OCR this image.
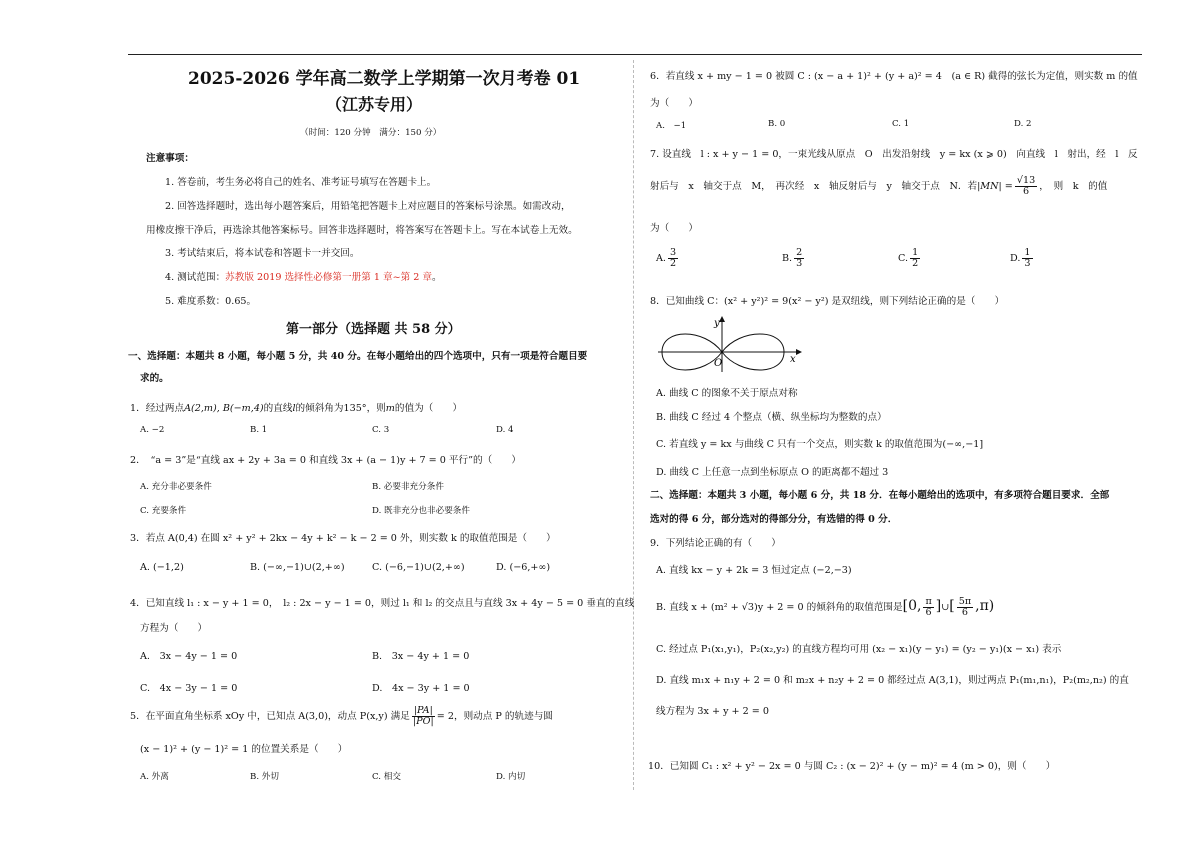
2025-2026 学年高二数学上学期第一次月考卷 01
（江苏专用）
（时间：120 分钟　满分：150 分）
注意事项：
1. 答卷前，考生务必将自己的姓名、准考证号填写在答题卡上。
2. 回答选择题时，选出每小题答案后，用铅笔把答题卡上对应题目的答案标号涂黑。如需改动，
用橡皮擦干净后，再选涂其他答案标号。回答非选择题时，将答案写在答题卡上。写在本试卷上无效。
3. 考试结束后，将本试卷和答题卡一并交回。
4. 测试范围：苏教版 2019 选择性必修第一册第 1 章~第 2 章。
5. 难度系数：0.65。
第一部分（选择题 共 58 分）
一、选择题：本题共 8 小题，每小题 5 分，共 40 分。在每小题给出的四个选项中，只有一项是符合题目要
求的。
1．经过两点A(2,m), B(−m,4)的直线l的倾斜角为135°，则m的值为（　　）
A. −2	B. 1	C. 3	D. 4
2．　“a = 3”是“直线 ax + 2y + 3a = 0 和直线 3x + (a − 1)y + 7 = 0 平行”的（　　）
A. 充分非必要条件	B. 必要非充分条件
C. 充要条件	D. 既非充分也非必要条件
3．若点 A(0,4) 在圆 x² + y² + 2kx − 4y + k² − k − 2 = 0 外，则实数 k 的取值范围是（　　）
A. (−1,2)	B. (−∞,−1)∪(2,+∞)	C. (−6,−1)∪(2,+∞)	D. (−6,+∞)
4．已知直线 l₁ : x − y + 1 = 0，　l₂ : 2x − y − 1 = 0，则过 l₁ 和 l₂ 的交点且与直线 3x + 4y − 5 = 0 垂直的直线
方程为（　　）
A.　3x − 4y − 1 = 0	B.　3x − 4y + 1 = 0
C.　4x − 3y − 1 = 0	D.　4x − 3y + 1 = 0
5．在平面直角坐标系 xOy 中，已知点 A(3,0)，动点 P(x,y) 满足 $\frac{|PA|}{|PO|} = 2$，则动点 P 的轨迹与圆
(x − 1)² + (y − 1)² = 1 的位置关系是（　　）
A. 外离	B. 外切	C. 相交	D. 内切
6．若直线 x + my − 1 = 0 被圆 C : (x − a + 1)² + (y + a)² = 4　(a ∈ R) 截得的弦长为定值，则实数 m 的值
为（　　）
A.　−1	B. 0	C. 1	D. 2
7. 设直线　l : x + y − 1 = 0，一束光线从原点　O　出发沿射线　y = kx (x ⩾ 0)　向直线　l　射出，经　l　反
射后与　x　轴交于点　M，　再次经　x　轴反射后与　y　轴交于点　N．若$|MN| = \frac{√13}{6}$ ，　则　k　的值
为（　　）
A. $\frac{3}{2}$	B. $\frac{2}{3}$	C. $\frac{1}{2}$	D. $\frac{1}{3}$
8．已知曲线 C：(x² + y²)² = 9(x² − y²) 是双纽线，则下列结论正确的是（　　）
y
x
O
A. 曲线 C 的图象不关于原点对称
B. 曲线 C 经过 4 个整点（横、纵坐标均为整数的点）
C. 若直线 y = kx 与曲线 C 只有一个交点，则实数 k 的取值范围为(−∞,−1]
D. 曲线 C 上任意一点到坐标原点 O 的距离都不超过 3
二、选择题：本题共 3 小题，每小题 6 分，共 18 分．在每小题给出的选项中，有多项符合题目要求．全部
选对的得 6 分，部分选对的得部分分，有选错的得 0 分．
9．下列结论正确的有（　　）
A. 直线 kx − y + 2k = 3 恒过定点 (−2,−3)
B. 直线 x + (m² + √3)y + 2 = 0 的倾斜角的取值范围是[0, $\frac{\pi}{6}$ ]∪[ $\frac{5\pi}{6} ,\pi$)
C. 经过点 P₁(x₁,y₁)，P₂(x₂,y₂) 的直线方程均可用 (x₂ − x₁)(y − y₁) = (y₂ − y₁)(x − x₁) 表示
D. 直线 m₁x + n₁y + 2 = 0 和 m₂x + n₂y + 2 = 0 都经过点 A(3,1)，则过两点 P₁(m₁,n₁)，P₂(m₂,n₂) 的直
线方程为 3x + y + 2 = 0
10．已知圆 C₁ : x² + y² − 2x = 0 与圆 C₂ : (x − 2)² + (y − m)² = 4 (m > 0)，则（　　）
